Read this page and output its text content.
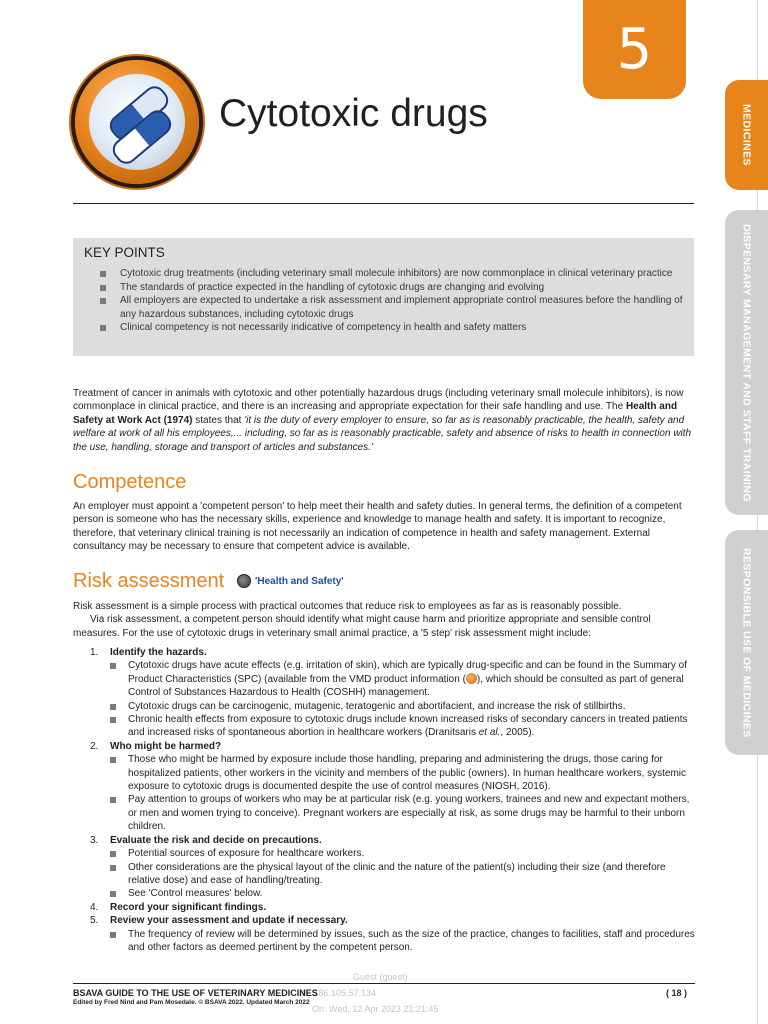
5
MEDICINES
DISPENSARY MANAGEMENT AND STAFF TRAINING
RESPONSIBLE USE OF MEDICINES
Cytotoxic drugs
KEY POINTS
Cytotoxic drug treatments (including veterinary small molecule inhibitors) are now commonplace in clinical veterinary practice
The standards of practice expected in the handling of cytotoxic drugs are changing and evolving
All employers are expected to undertake a risk assessment and implement appropriate control measures before the handling of any hazardous substances, including cytotoxic drugs
Clinical competency is not necessarily indicative of competency in health and safety matters

Treatment of cancer in animals with cytotoxic and other potentially hazardous drugs (including veterinary small molecule inhibitors), is now commonplace in clinical practice, and there is an increasing and appropriate expectation for their safe handling and use. The Health and Safety at Work Act (1974) states that 'it is the duty of every employer to ensure, so far as is reasonably practicable, the health, safety and welfare at work of all his employees,... including, so far as is reasonably practicable, safety and absence of risks to health in connection with the use, handling, storage and transport of articles and substances.'

Competence

An employer must appoint a 'competent person' to help meet their health and safety duties. In general terms, the definition of a competent person is someone who has the necessary skills, experience and knowledge to manage health and safety. It is important to recognize, therefore, that veterinary clinical training is not necessarily an indication of competence in health and safety management. External consultancy may be necessary to ensure that competent advice is available.

Risk assessment	'Health and Safety'

Risk assessment is a simple process with practical outcomes that reduce risk to employees as far as is reasonably possible.
Via risk assessment, a competent person should identify what might cause harm and prioritize appropriate and sensible control measures. For the use of cytotoxic drugs in veterinary small animal practice, a '5 step' risk assessment might include:

1. Identify the hazards.
Cytotoxic drugs have acute effects (e.g. irritation of skin), which are typically drug-specific and can be found in the Summary of Product Characteristics (SPC) (available from the VMD product information ( ), which should be consulted as part of general Control of Substances Hazardous to Health (COSHH) management.
Cytotoxic drugs can be carcinogenic, mutagenic, teratogenic and abortifacient, and increase the risk of stillbirths.
Chronic health effects from exposure to cytotoxic drugs include known increased risks of secondary cancers in treated patients and increased risks of spontaneous abortion in healthcare workers (Dranitsaris et al., 2005).
2. Who might be harmed?
Those who might be harmed by exposure include those handling, preparing and administering the drugs, those caring for hospitalized patients, other workers in the vicinity and members of the public (owners). In human healthcare workers, systemic exposure to cytotoxic drugs is documented despite the use of control measures (NIOSH, 2016).
Pay attention to groups of workers who may be at particular risk (e.g. young workers, trainees and new and expectant mothers, or men and women trying to conceive). Pregnant workers are especially at risk, as some drugs may be harmful to their unborn children.
3. Evaluate the risk and decide on precautions.
Potential sources of exposure for healthcare workers.
Other considerations are the physical layout of the clinic and the nature of the patient(s) including their size (and therefore relative dose) and ease of handling/treating.
See 'Control measures' below.
4. Record your significant findings.
5. Review your assessment and update if necessary.
The frequency of review will be determined by issues, such as the size of the practice, changes to facilities, staff and procedures and other factors as deemed pertinent by the competent person.
Guest (guest)
IP: 186.105.57.134
On: Wed, 12 Apr 2023 21:21:45
BSAVA GUIDE TO THE USE OF VETERINARY MEDICINES
Edited by Fred Nind and Pam Mosedale. © BSAVA 2022. Updated March 2022
( 18 )
